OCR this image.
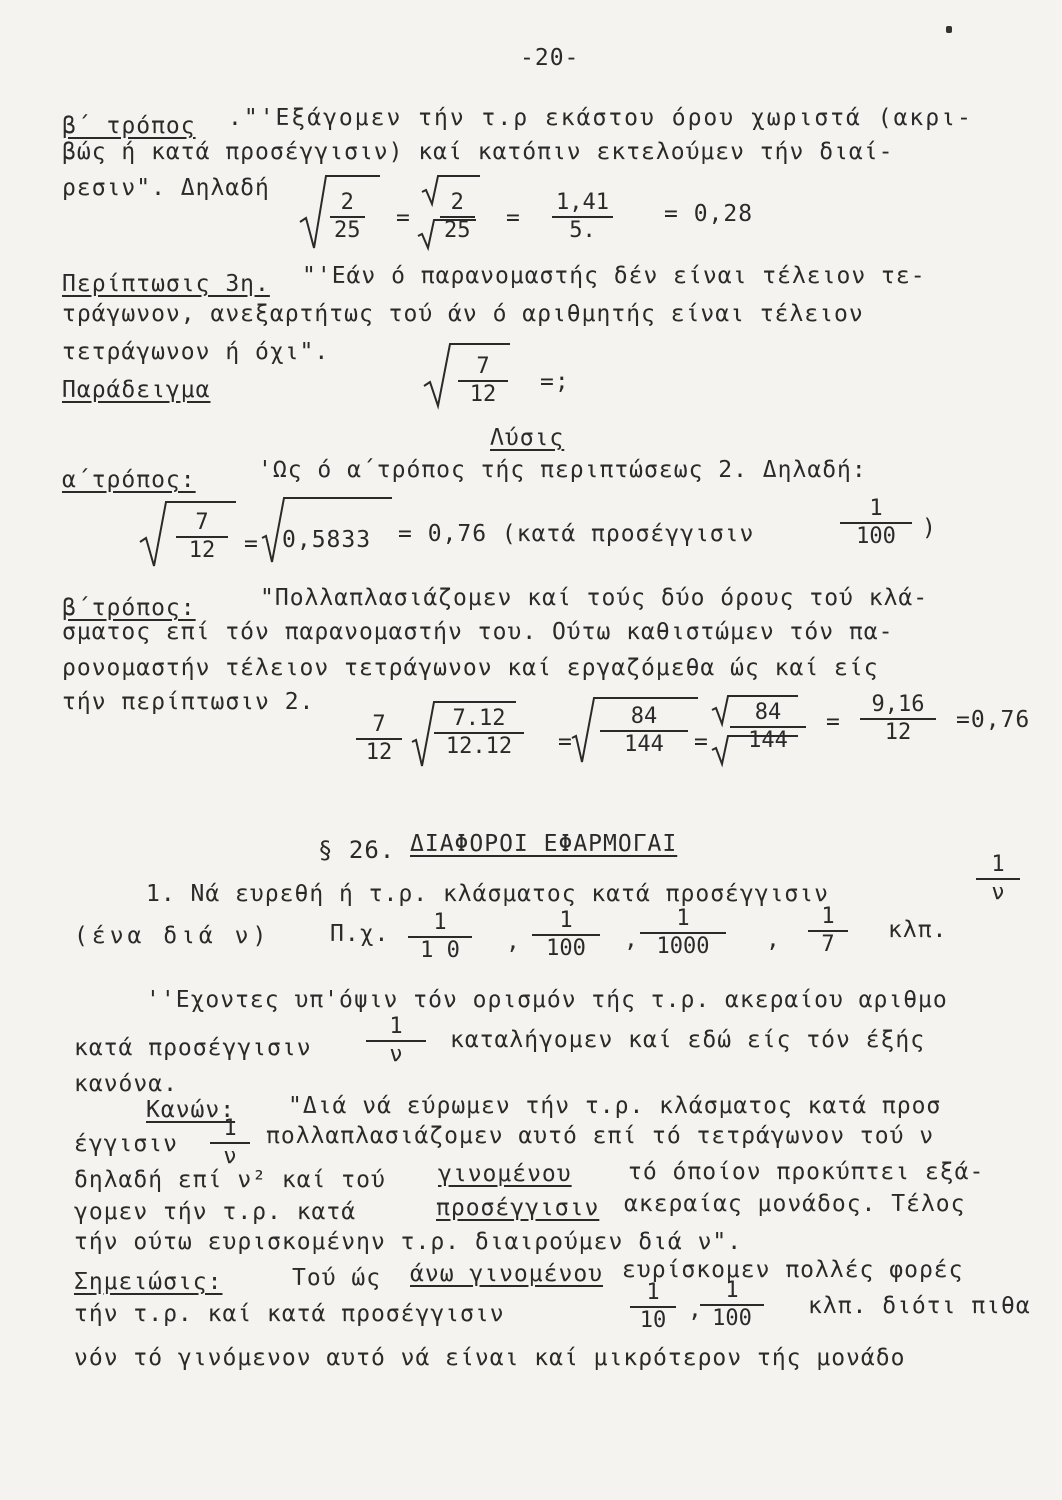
-20-
β΄ τρόπος ."'Εξάγομεν τήν τ.ρ εκάστου όρου χωριστά (ακρι-
βώς ή κατά προσέγγισιν) καί κατόπιν εκτελούμεν τήν διαί-
ρεσιν". Δηλαδή
2
25 =
2
25 =
1,41
5.
= 0,28
Περίπτωσις 3η. "'Εάν ό παρανομαστής δέν είναι τέλειον τε-
τράγωνον, ανεξαρτήτως τού άν ό αριθμητής είναι τέλειον
τετράγωνον ή όχι".
Παράδειγμα
7
12 =;
Λύσις
α΄τρόπος:	'Ως ό α΄τρόπος τής περιπτώσεως 2. Δηλαδή:
7
12 = 0,5833 = 0,76 (κατά προσέγγισιν
1
100 )
β΄τρόπος:	"Πολλαπλασιάζομεν καί τούς δύο όρους τού κλά-
σματος επί τόν παρανομαστήν του. Ούτω καθιστώμεν τόν πα-
ρονομαστήν τέλειον τετράγωνον καί εργαζόμεθα ώς καί είς
τήν περίπτωσιν 2.
7
12
7.12
12.12 =
84
144 =
84
144
=
9,16
12 =0,76
§ 26. ΔΙΑΦΟΡΟΙ ΕΦΑΡΜΟΓΑΙ
1. Νά ευρεθή ή τ.ρ. κλάσματος κατά προσέγγισιν
1
ν
(ένα διά ν)	Π.χ. 1
1 0 ,
1
100 ,
1
1000 ,
1
7
κλπ.
''Εχοντες υπ'όψιν τόν ορισμόν τής τ.ρ. ακεραίου αριθμο
κατά προσέγγισιν
1
ν
καταλήγομεν καί εδώ είς τόν έξής
κανόνα.
Κανών: "Διά νά εύρωμεν τήν τ.ρ. κλάσματος κατά προσ
έγγισιν
1
ν
πολλαπλασιάζομεν αυτό επί τό τετράγωνον τού ν
δηλαδή επί ν² καί τού γινομένου τό όποίον προκύπτει εξά-
γομεν τήν τ.ρ. κατά	προσέγγισιν ακεραίας μονάδος. Τέλος
τήν ούτω ευρισκομένην τ.ρ. διαιρούμεν διά ν".
Σημειώσις:	Τού ώς άνω γινομένου ευρίσκομεν πολλές φορές
τήν τ.ρ. καί κατά προσέγγισιν
1
10 ,
1
100 κλπ. διότι πιθα
νόν τό γινόμενον αυτό νά είναι καί μικρότερον τής μονάδο
